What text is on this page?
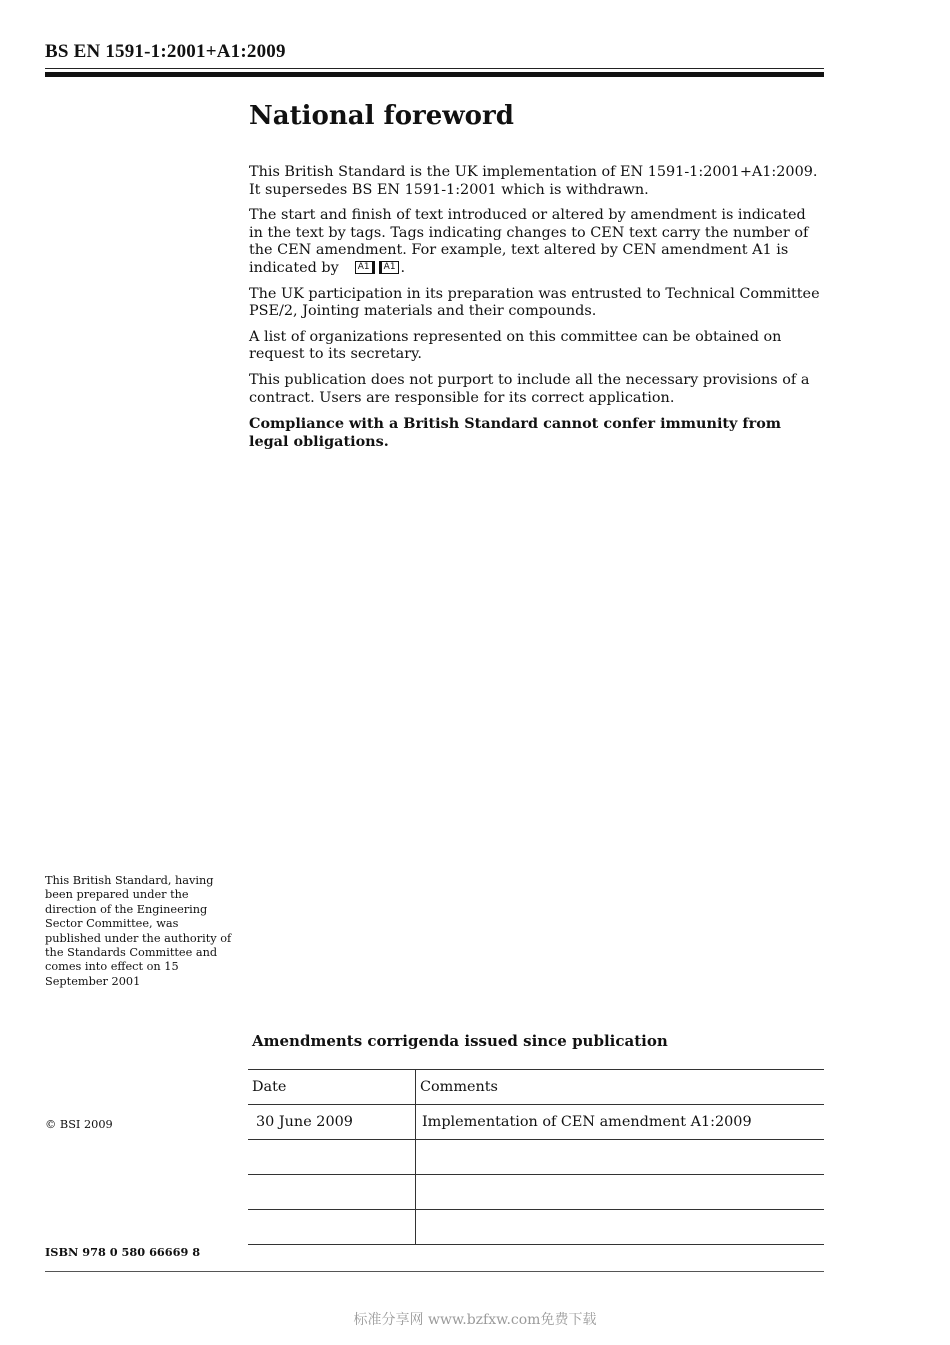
BS EN 1591-1:2001+A1:2009
National foreword

This British Standard is the UK implementation of EN 1591-1:2001+A1:2009. It supersedes BS EN 1591-1:2001 which is withdrawn.

The start and finish of text introduced or altered by amendment is indicated in the text by tags. Tags indicating changes to CEN text carry the number of the CEN amendment. For example, text altered by CEN amendment A1 is indicated by A1 A1 .

The UK participation in its preparation was entrusted to Technical Committee PSE/2, Jointing materials and their compounds.

A list of organizations represented on this committee can be obtained on request to its secretary.

This publication does not purport to include all the necessary provisions of a contract. Users are responsible for its correct application.

Compliance with a British Standard cannot confer immunity from legal obligations.

This British Standard, having been prepared under the direction of the Engineering Sector Committee, was published under the authority of the Standards Committee and comes into effect on 15 September 2001
Amendments corrigenda issued since publication
Date	Comments
30 June 2009	Implementation of CEN amendment A1:2009

© BSI 2009
ISBN 978 0 580 66669 8
标准分享网 www.bzfxw.com免费下载
